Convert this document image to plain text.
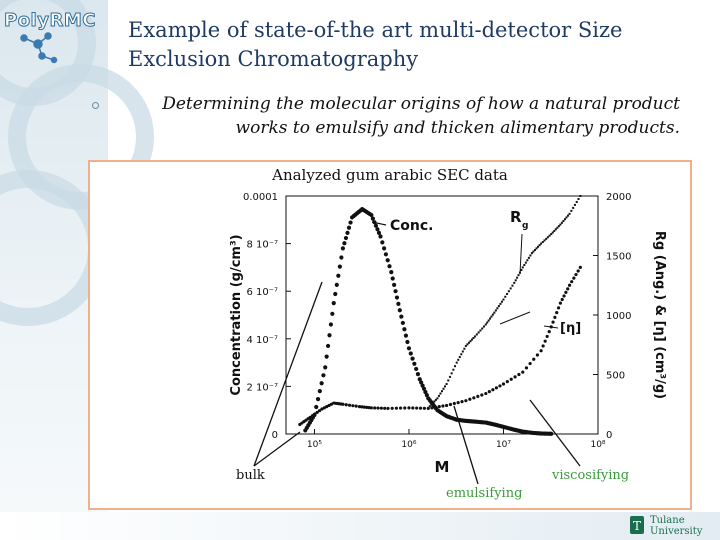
PolyRMC Example of state-of-the art multi-detector Size Exclusion Chromatography
Determining the molecular origins of how a natural product works to emulsify and thicken alimentary products.
Analyzed gum arabic SEC data
10⁵	10⁶	10⁷	10⁸
0
2 10⁻⁷
4 10⁻⁷
6 10⁻⁷
8 10⁻⁷
0.0001
0
500
1000
1500
2000
M
Concentration (g/cm³)	Rg (Ang.) & [η] (cm³/g)
Conc.	R g
[η]
bulk
emulsifying
viscosifying
T Tulane University
